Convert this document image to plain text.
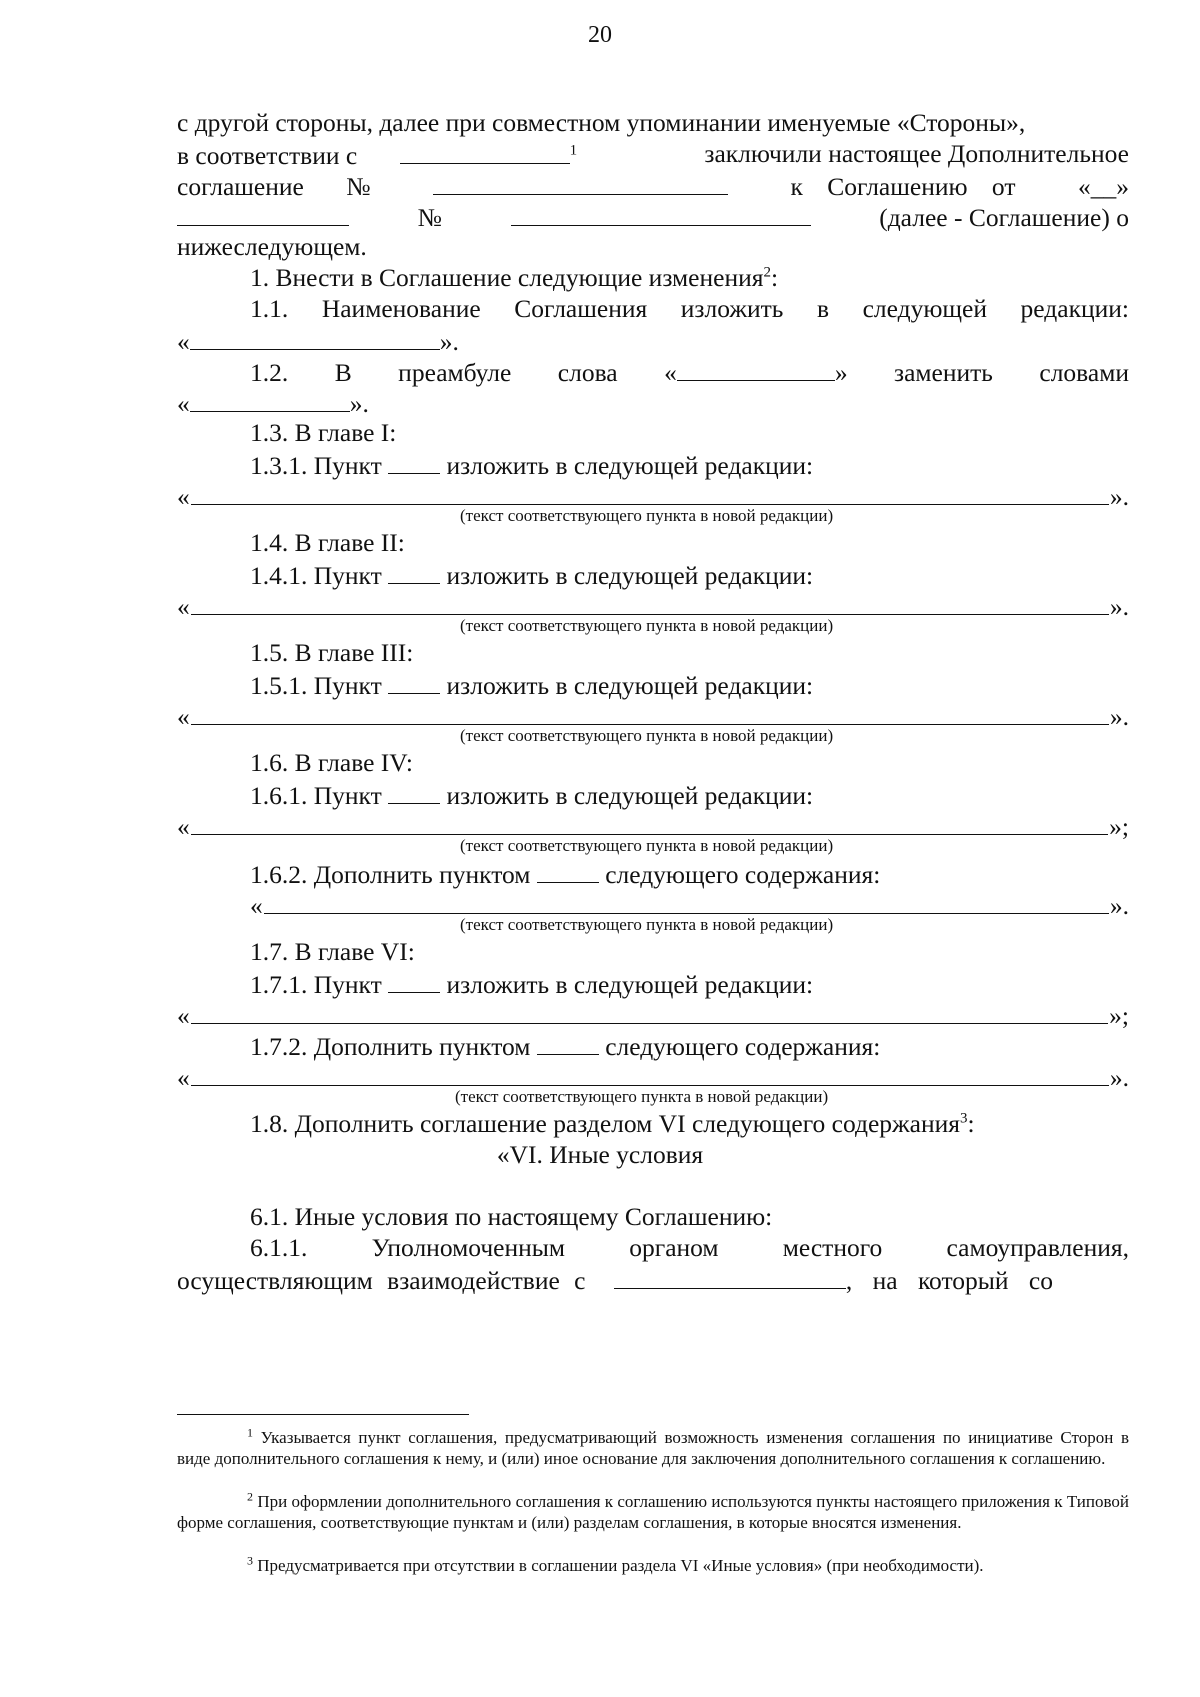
20
с другой стороны, далее при совместном упоминании именуемые «Стороны»,
в соответствии с	$^1$	заключили настоящее Дополнительное
соглашение №	к Соглашению от «__»
№	(далее - Соглашение) о
нижеследующем.
1. Внести в Соглашение следующие изменения$^2$:
1.1. Наименование Соглашения изложить в следующей редакции:
«	».
1.2. В преамбуле слова «	» заменить словами
«	».
1.3. В главе I:
1.3.1. Пункт	изложить в следующей редакции:
«	».
(текст соответствующего пункта в новой редакции)
1.4. В главе II:
1.4.1. Пункт	изложить в следующей редакции:
«	».
(текст соответствующего пункта в новой редакции)
1.5. В главе III:
1.5.1. Пункт	изложить в следующей редакции:
«	».
(текст соответствующего пункта в новой редакции)
1.6. В главе IV:
1.6.1. Пункт	изложить в следующей редакции:
«	»;
(текст соответствующего пункта в новой редакции)
1.6.2. Дополнить пунктом	следующего содержания:
«	».
(текст соответствующего пункта в новой редакции)
1.7. В главе VI:
1.7.1. Пункт	изложить в следующей редакции:
«	»;
1.7.2. Дополнить пунктом	следующего содержания:
«	».
(текст соответствующего пункта в новой редакции)
1.8. Дополнить соглашение разделом VI следующего содержания$^3$:
«VI. Иные условия
6.1. Иные условия по настоящему Соглашению:
6.1.1.	Уполномоченным	органом	местного	самоуправления,
осуществляющим взаимодействие с	, на который со
$^1$ Указывается пункт соглашения, предусматривающий возможность изменения соглашения по инициативе Сторон в виде дополнительного соглашения к нему, и (или) иное основание для заключения дополнительного соглашения к соглашению.
$^2$ При оформлении дополнительного соглашения к соглашению используются пункты настоящего приложения к Типовой форме соглашения, соответствующие пунктам и (или) разделам соглашения, в которые вносятся изменения.
$^3$ Предусматривается при отсутствии в соглашении раздела VI «Иные условия» (при необходимости).
